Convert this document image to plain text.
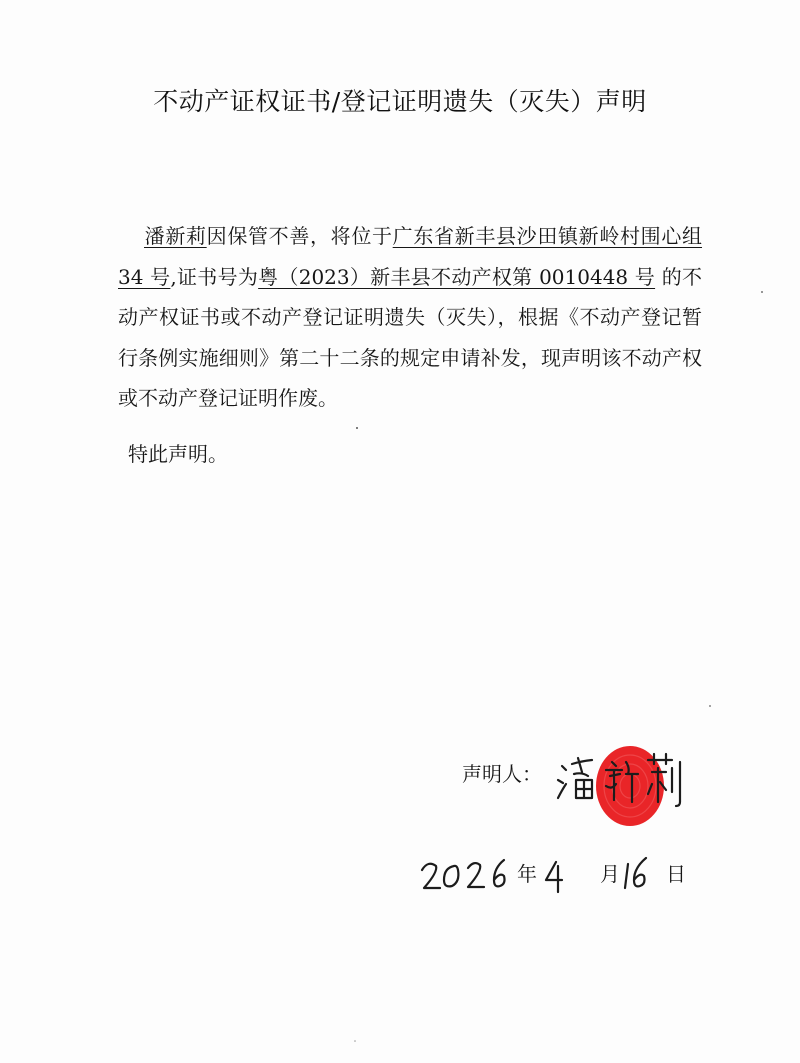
不动产证权证书/登记证明遗失（灭失）声明
潘新莉因保管不善，将位于广东省新丰县沙田镇新岭村围心组 34 号,证书号为粤（2023）新丰县不动产权第 0010448 号 的不动产权证书或不动产登记证明遗失（灭失），根据《不动产登记暂行条例实施细则》第二十二条的规定申请补发，现声明该不动产权或不动产登记证明作废。
特此声明。
声明人：
年	月 日
